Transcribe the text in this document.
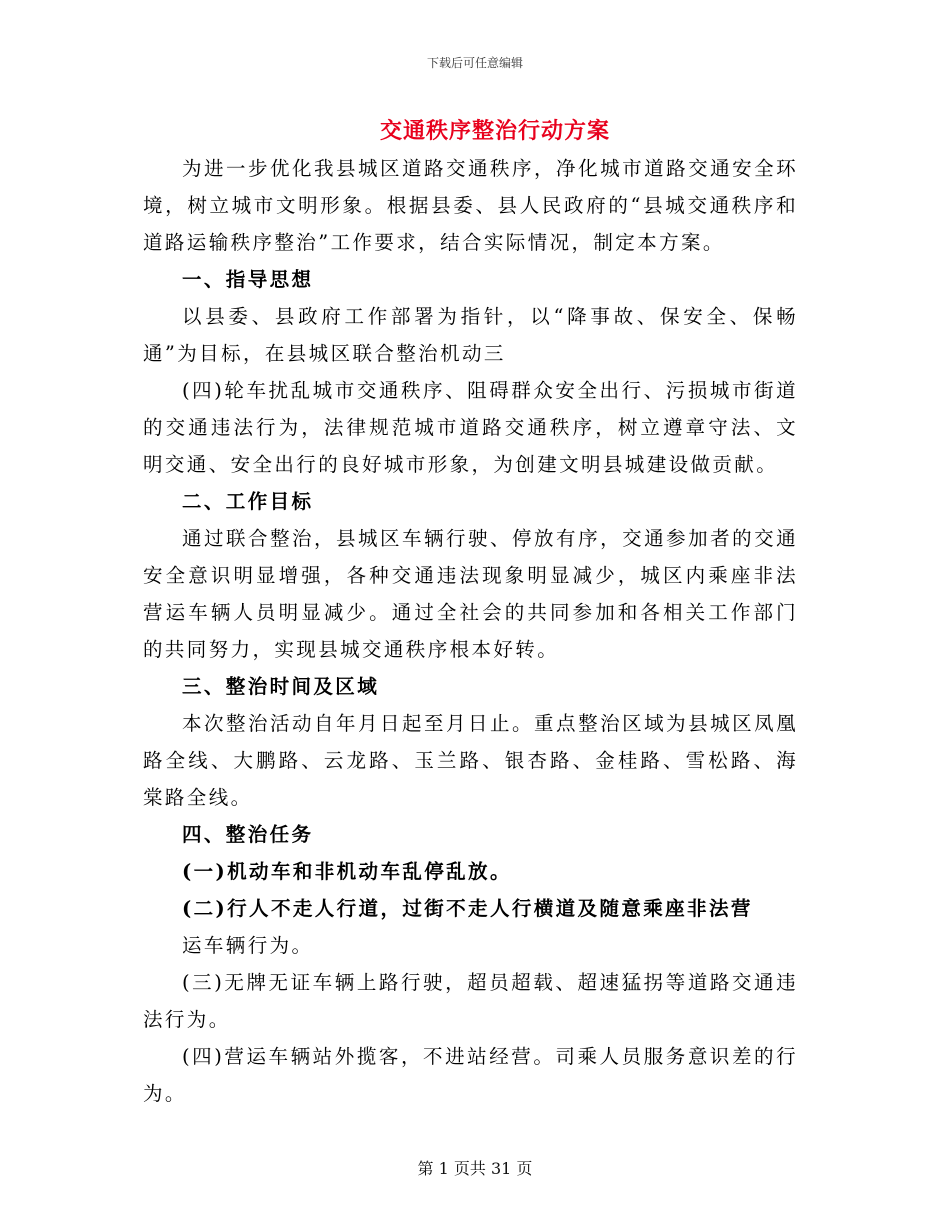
下载后可任意编辑
交通秩序整治行动方案

为进一步优化我县城区道路交通秩序，净化城市道路交通安全环境，树立城市文明形象。根据县委、县人民政府的“县城交通秩序和道路运输秩序整治”工作要求，结合实际情况，制定本方案。

一、指导思想

以县委、县政府工作部署为指针，以“降事故、保安全、保畅通”为目标，在县城区联合整治机动三

(四)轮车扰乱城市交通秩序、阻碍群众安全出行、污损城市街道的交通违法行为，法律规范城市道路交通秩序，树立遵章守法、文明交通、安全出行的良好城市形象，为创建文明县城建设做贡献。

二、工作目标

通过联合整治，县城区车辆行驶、停放有序，交通参加者的交通安全意识明显增强，各种交通违法现象明显减少，城区内乘座非法营运车辆人员明显减少。通过全社会的共同参加和各相关工作部门的共同努力，实现县城交通秩序根本好转。

三、整治时间及区域

本次整治活动自年月日起至月日止。重点整治区域为县城区凤凰路全线、大鹏路、云龙路、玉兰路、银杏路、金桂路、雪松路、海棠路全线。

四、整治任务

(一)机动车和非机动车乱停乱放。

(二)行人不走人行道，过街不走人行横道及随意乘座非法营

运车辆行为。

(三)无牌无证车辆上路行驶，超员超载、超速猛拐等道路交通违法行为。

(四)营运车辆站外揽客，不进站经营。司乘人员服务意识差的行为。

第 1 页共 31 页
